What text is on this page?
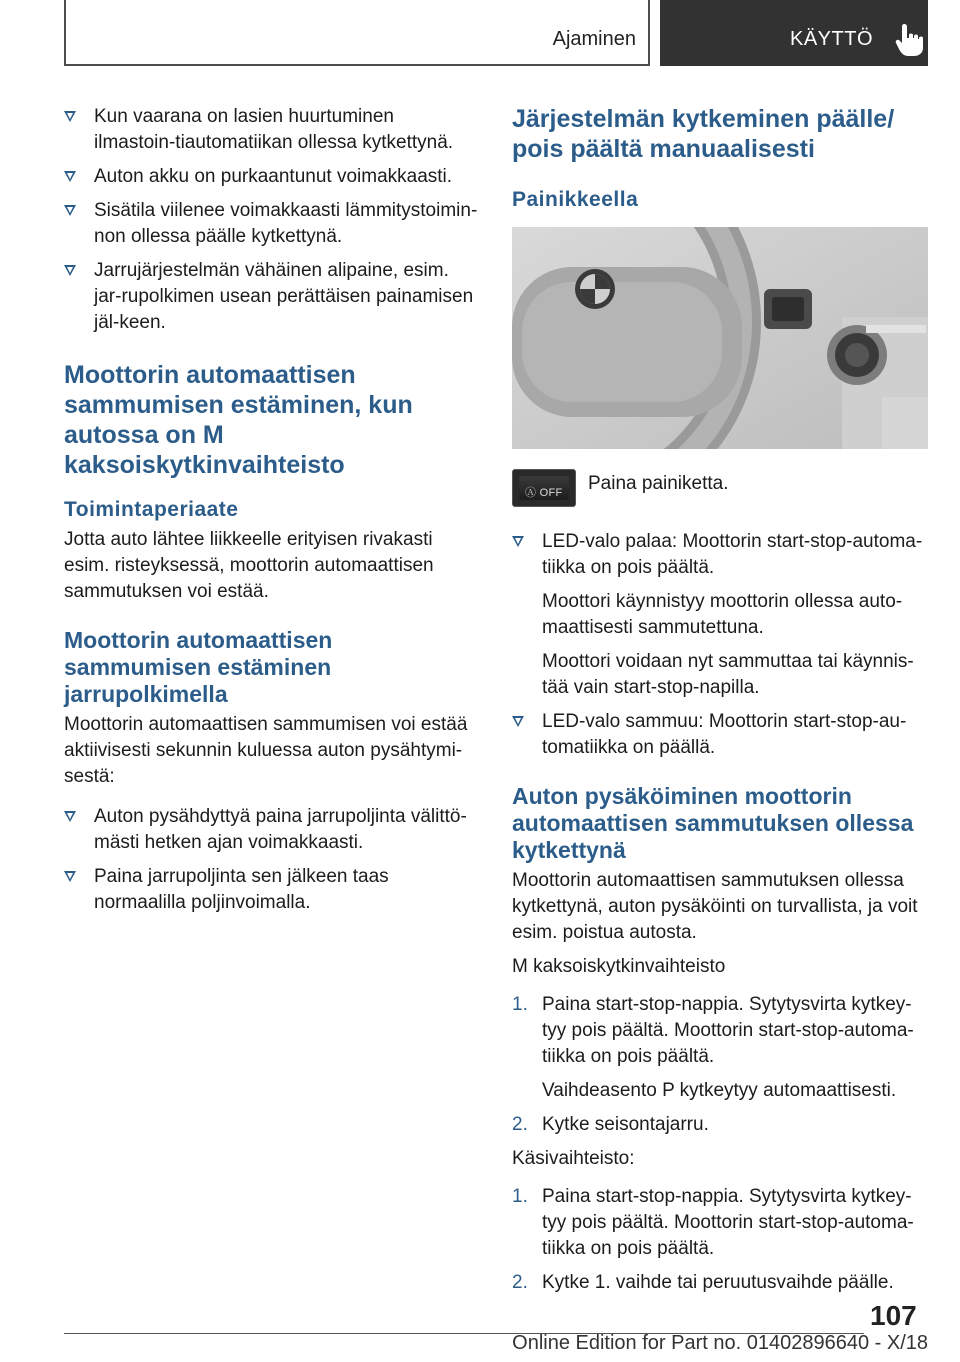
Ajaminen	KÄYTTÖ
Kun vaarana on lasien huurtuminen ilmastoin-tiautomatiikan ollessa kytkettynä.
Auton akku on purkaantunut voimakkaasti.
Sisätila viilenee voimakkaasti lämmitystoimin-non ollessa päälle kytkettynä.
Jarrujärjestelmän vähäinen alipaine, esim. jar-rupolkimen usean perättäisen painamisen jäl-keen.
Moottorin automaattisen sammumisen estäminen, kun autossa on M kaksoiskytkinvaihteisto
Toimintaperiaate
Jotta auto lähtee liikkeelle erityisen rivakasti esim. risteyksessä, moottorin automaattisen sammutuksen voi estää.
Moottorin automaattisen sammumisen estäminen jarrupolkimella
Moottorin automaattisen sammumisen voi estää aktiivisesti sekunnin kuluessa auton pysähtymi-sestä:
Auton pysähdyttyä paina jarrupoljinta välittö-mästi hetken ajan voimakkaasti.
Paina jarrupoljinta sen jälkeen taas normaalilla poljinvoimalla.
Järjestelmän kytkeminen päälle/ pois päältä manuaalisesti
Painikkeella
Ⓐ OFF Paina painiketta.
LED-valo palaa: Moottorin start-stop-automa-tiikka on pois päältä.
Moottori käynnistyy moottorin ollessa auto-maattisesti sammutettuna.
Moottori voidaan nyt sammuttaa tai käynnis-tää vain start-stop-napilla.
LED-valo sammuu: Moottorin start-stop-au-tomatiikka on päällä.
Auton pysäköiminen moottorin automaattisen sammutuksen ollessa kytkettynä
Moottorin automaattisen sammutuksen ollessa kytkettynä, auton pysäköinti on turvallista, ja voit esim. poistua autosta.
M kaksoiskytkinvaihteisto
1. Paina start-stop-nappia. Sytytysvirta kytkey-tyy pois päältä. Moottorin start-stop-automa-tiikka on pois päältä.
Vaihdeasento P kytkeytyy automaattisesti.
2. Kytke seisontajarru.
Käsivaihteisto:
1. Paina start-stop-nappia. Sytytysvirta kytkey-tyy pois päältä. Moottorin start-stop-automa-tiikka on pois päältä.
2. Kytke 1. vaihde tai peruutusvaihde päälle.
107
Online Edition for Part no. 01402896640 - X/18
